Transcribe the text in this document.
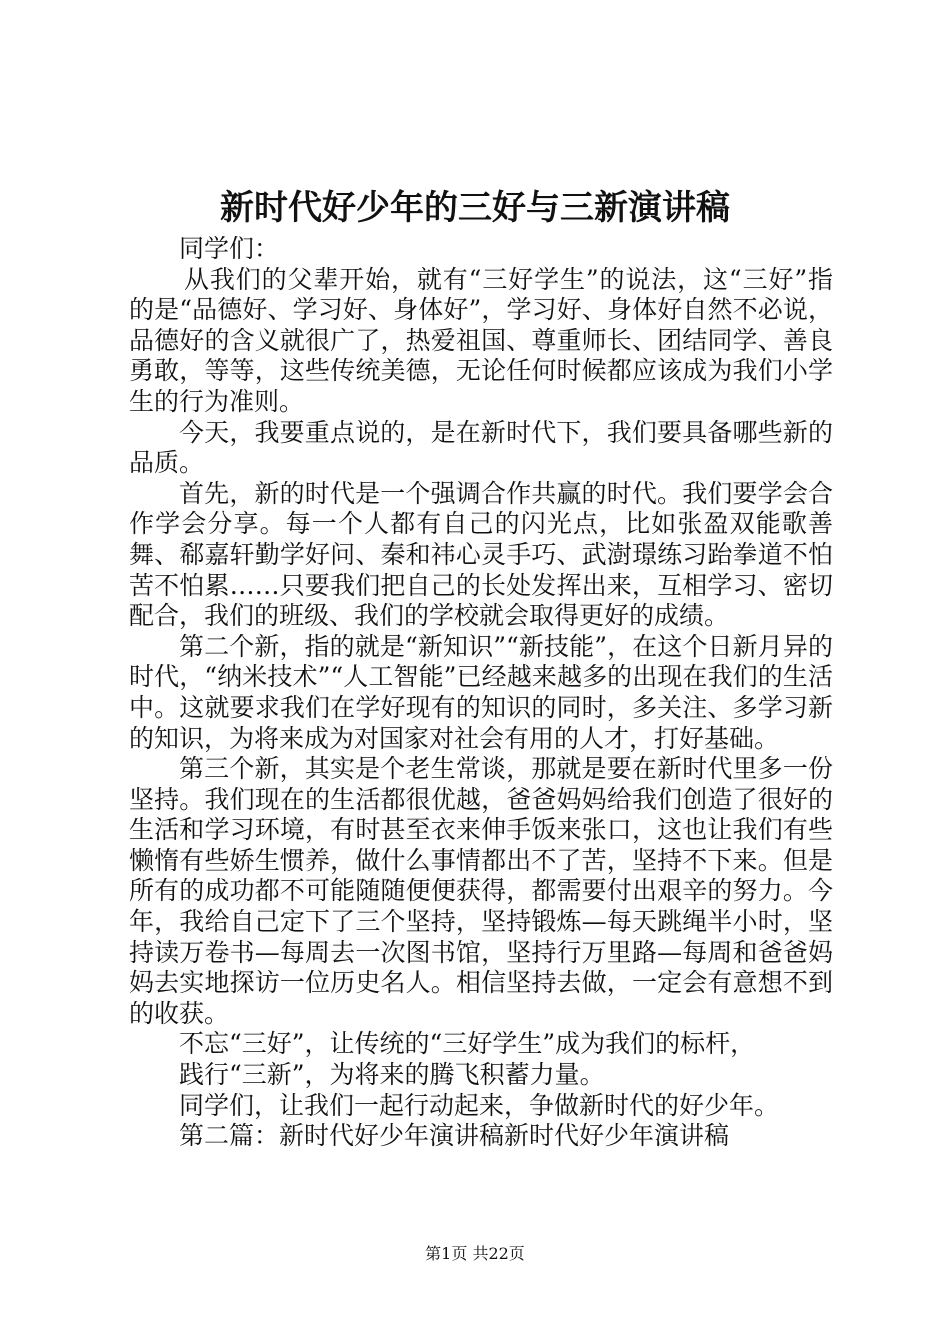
新时代好少年的三好与三新演讲稿

同学们：

从我们的父辈开始，就有“三好学生”的说法，这“三好”指的是“品德好、学习好、身体好”，学习好、身体好自然不必说，品德好的含义就很广了，热爱祖国、尊重师长、团结同学、善良勇敢，等等，这些传统美德，无论任何时候都应该成为我们小学生的行为准则。

今天，我要重点说的，是在新时代下，我们要具备哪些新的品质。

首先，新的时代是一个强调合作共赢的时代。我们要学会合作学会分享。每一个人都有自己的闪光点，比如张盈双能歌善舞、郗嘉轩勤学好问、秦和祎心灵手巧、武澍璟练习跆拳道不怕苦不怕累……只要我们把自己的长处发挥出来，互相学习、密切配合，我们的班级、我们的学校就会取得更好的成绩。

第二个新，指的就是“新知识”“新技能”，在这个日新月异的时代，“纳米技术”“人工智能”已经越来越多的出现在我们的生活中。这就要求我们在学好现有的知识的同时，多关注、多学习新的知识，为将来成为对国家对社会有用的人才，打好基础。

第三个新，其实是个老生常谈，那就是要在新时代里多一份坚持。我们现在的生活都很优越，爸爸妈妈给我们创造了很好的生活和学习环境，有时甚至衣来伸手饭来张口，这也让我们有些懒惰有些娇生惯养，做什么事情都出不了苦，坚持不下来。但是所有的成功都不可能随随便便获得，都需要付出艰辛的努力。今年，我给自己定下了三个坚持，坚持锻炼—每天跳绳半小时，坚持读万卷书—每周去一次图书馆，坚持行万里路—每周和爸爸妈妈去实地探访一位历史名人。相信坚持去做，一定会有意想不到的收获。

不忘“三好”，让传统的“三好学生”成为我们的标杆，

践行“三新”，为将来的腾飞积蓄力量。

同学们，让我们一起行动起来，争做新时代的好少年。

第二篇：新时代好少年演讲稿新时代好少年演讲稿

第1页 共22页
